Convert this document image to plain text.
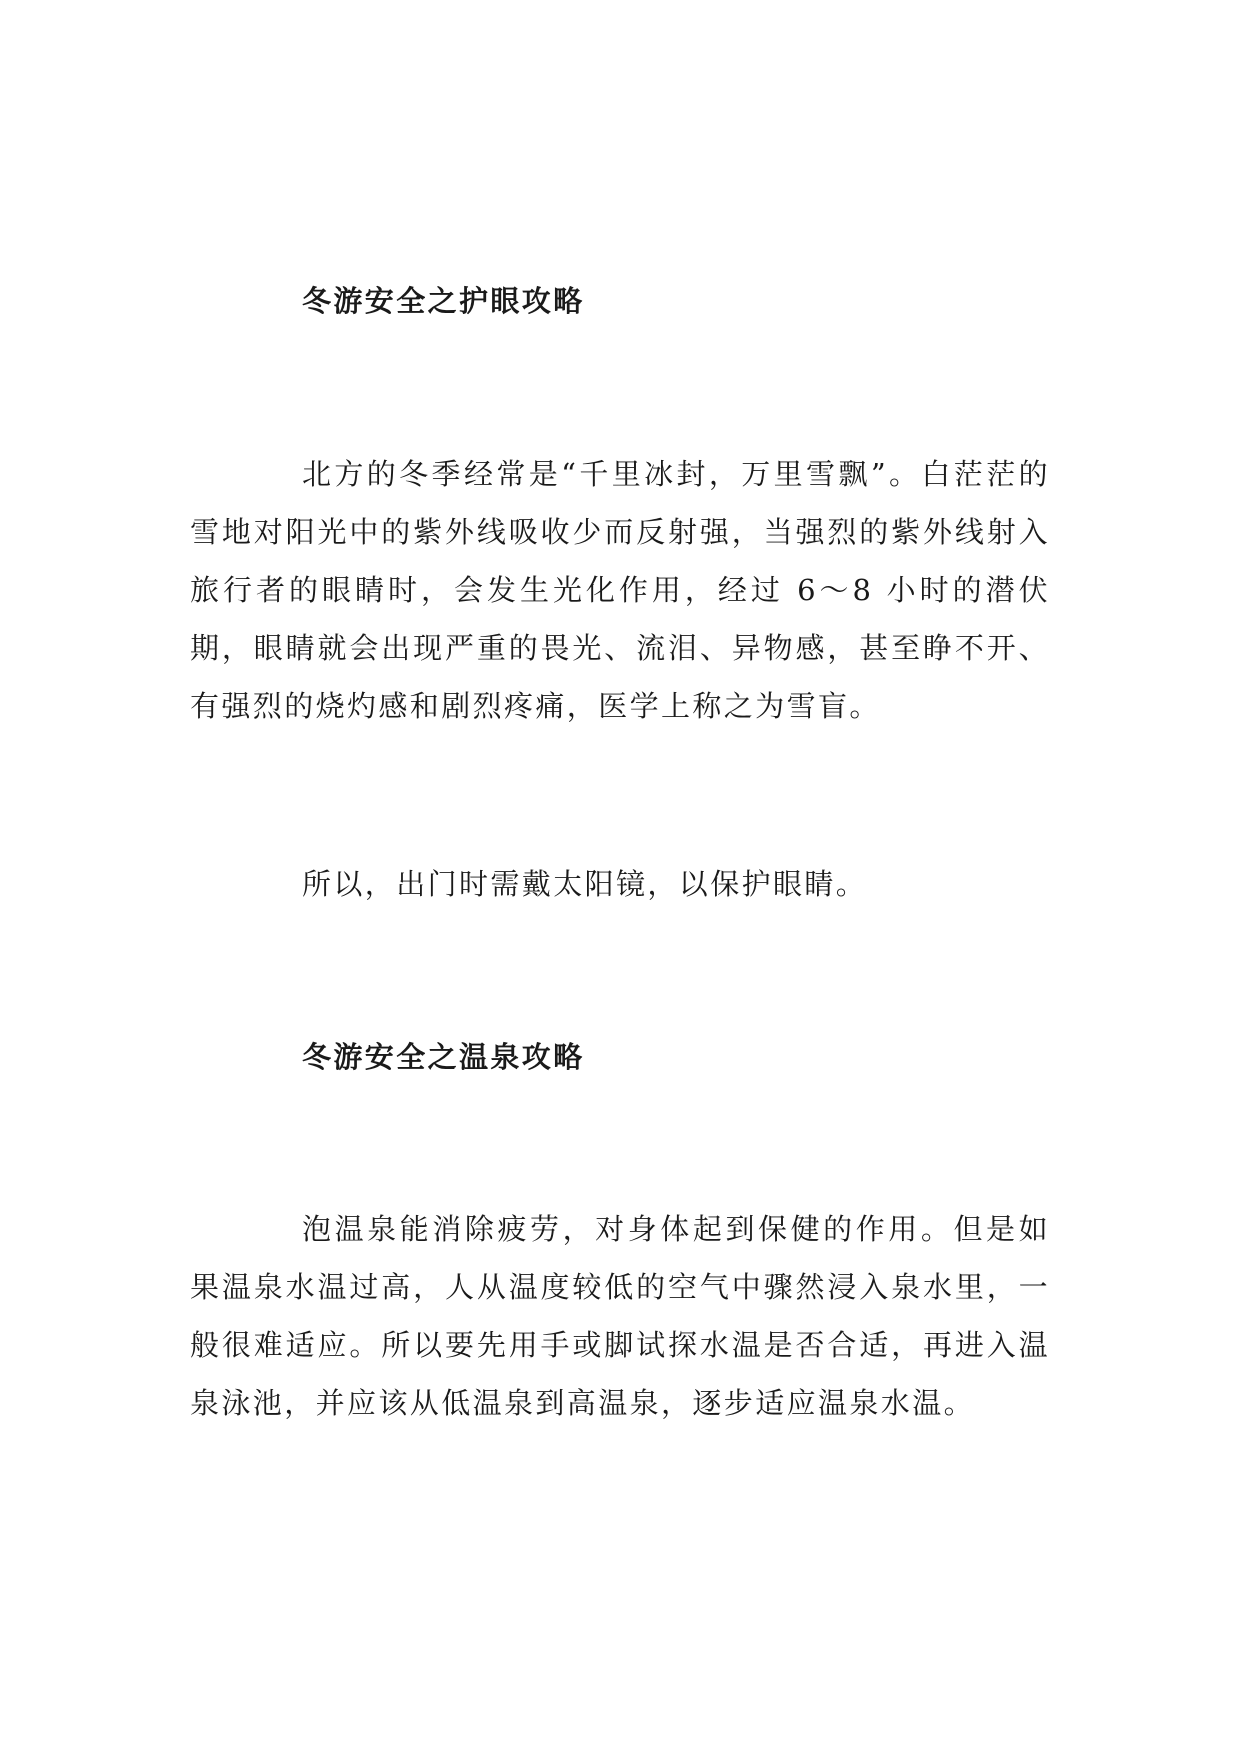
冬游安全之护眼攻略

北方的冬季经常是“千里冰封，万里雪飘”。白茫茫的雪地对阳光中的紫外线吸收少而反射强，当强烈的紫外线射入旅行者的眼睛时，会发生光化作用，经过 6～8 小时的潜伏期，眼睛就会出现严重的畏光、流泪、异物感，甚至睁不开、有强烈的烧灼感和剧烈疼痛，医学上称之为雪盲。

所以，出门时需戴太阳镜，以保护眼睛。

冬游安全之温泉攻略

泡温泉能消除疲劳，对身体起到保健的作用。但是如果温泉水温过高，人从温度较低的空气中骤然浸入泉水里，一般很难适应。所以要先用手或脚试探水温是否合适，再进入温泉泳池，并应该从低温泉到高温泉，逐步适应温泉水温。
